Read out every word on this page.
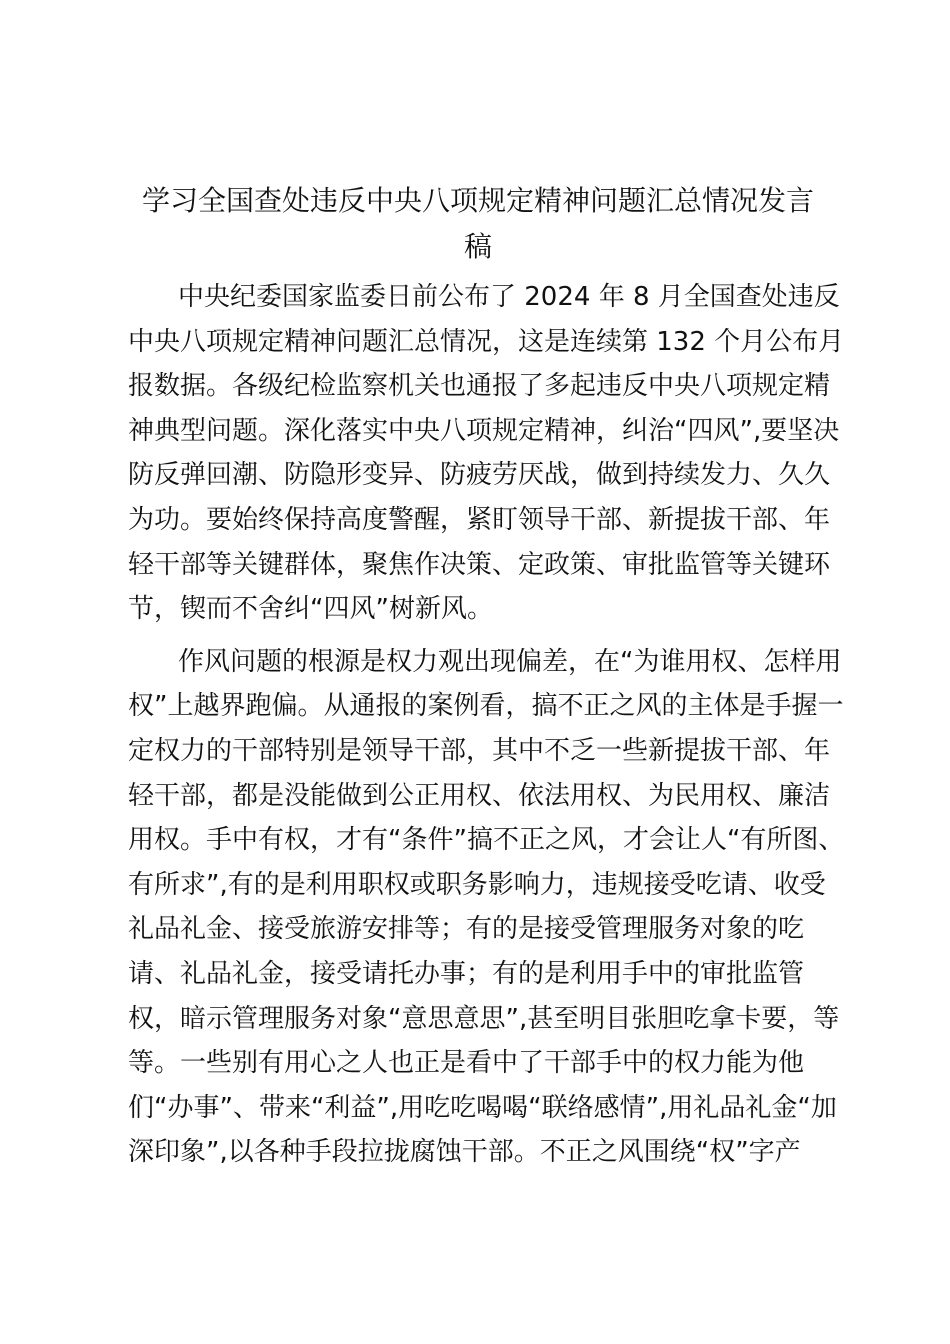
学习全国查处违反中央八项规定精神问题汇总情况发言
稿

中央纪委国家监委日前公布了 2024 年 8 月全国查处违反

中央八项规定精神问题汇总情况，这是连续第 132 个月公布月

报数据。各级纪检监察机关也通报了多起违反中央八项规定精

神典型问题。深化落实中央八项规定精神，纠治“四风”,要坚决

防反弹回潮、防隐形变异、防疲劳厌战，做到持续发力、久久

为功。要始终保持高度警醒，紧盯领导干部、新提拔干部、年

轻干部等关键群体，聚焦作决策、定政策、审批监管等关键环

节，锲而不舍纠“四风”树新风。

作风问题的根源是权力观出现偏差，在“为谁用权、怎样用

权”上越界跑偏。从通报的案例看，搞不正之风的主体是手握一

定权力的干部特别是领导干部，其中不乏一些新提拔干部、年

轻干部，都是没能做到公正用权、依法用权、为民用权、廉洁

用权。手中有权，才有“条件”搞不正之风，才会让人“有所图、

有所求”,有的是利用职权或职务影响力，违规接受吃请、收受

礼品礼金、接受旅游安排等；有的是接受管理服务对象的吃

请、礼品礼金，接受请托办事；有的是利用手中的审批监管

权，暗示管理服务对象“意思意思”,甚至明目张胆吃拿卡要，等

等。一些别有用心之人也正是看中了干部手中的权力能为他

们“办事”、带来“利益”,用吃吃喝喝“联络感情”,用礼品礼金“加

深印象”,以各种手段拉拢腐蚀干部。不正之风围绕“权”字产
